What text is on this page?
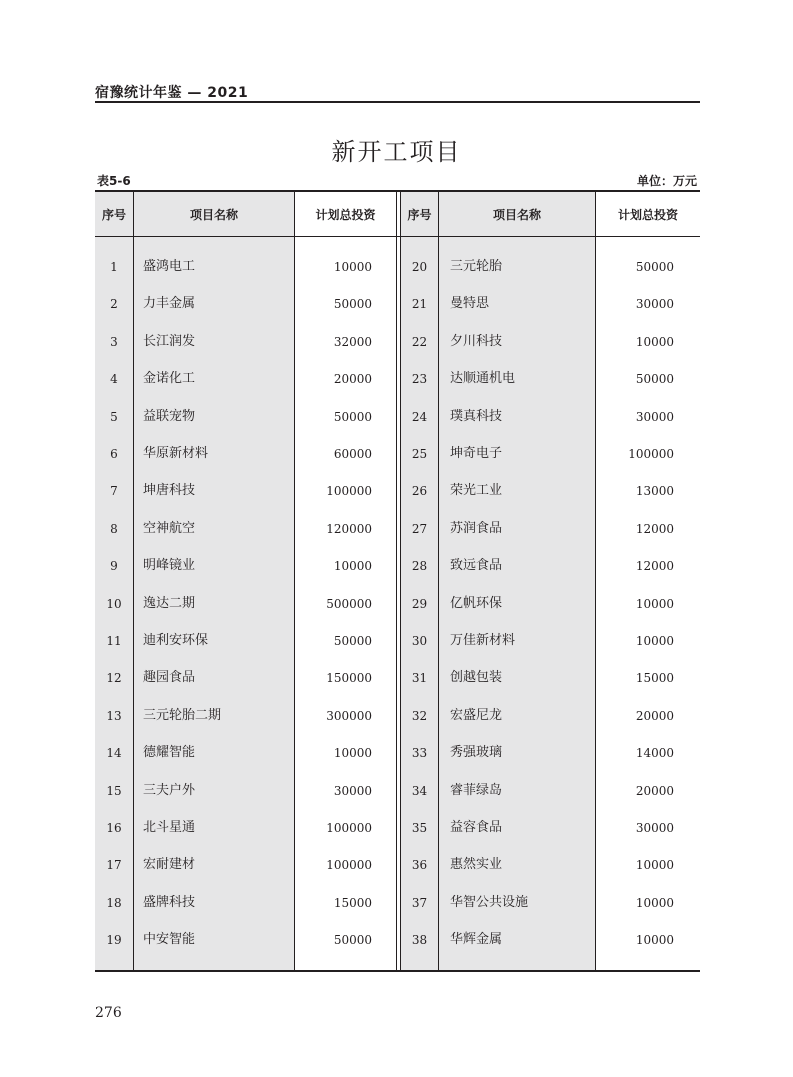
宿豫统计年鉴 — 2021
新开工项目
表5-6	单位：万元
序号	项目名称	计划总投资	序号	项目名称	计划总投资
1	盛鸿电工	10000	20	三元轮胎	50000
2	力丰金属	50000	21	曼特思	30000
3	长江润发	32000	22	夕川科技	10000
4	金诺化工	20000	23	达顺通机电	50000
5	益联宠物	50000	24	璞真科技	30000
6	华原新材料	60000	25	坤奇电子	100000
7	坤唐科技	100000	26	荣光工业	13000
8	空神航空	120000	27	苏润食品	12000
9	明峰镜业	10000	28	致远食品	12000
10	逸达二期	500000	29	亿帆环保	10000
11	迪利安环保	50000	30	万佳新材料	10000
12	趣园食品	150000	31	创越包装	15000
13	三元轮胎二期	300000	32	宏盛尼龙	20000
14	德耀智能	10000	33	秀强玻璃	14000
15	三夫户外	30000	34	睿菲绿岛	20000
16	北斗星通	100000	35	益容食品	30000
17	宏耐建材	100000	36	惠然实业	10000
18	盛牌科技	15000	37	华智公共设施	10000
19	中安智能	50000	38	华辉金属	10000
276
